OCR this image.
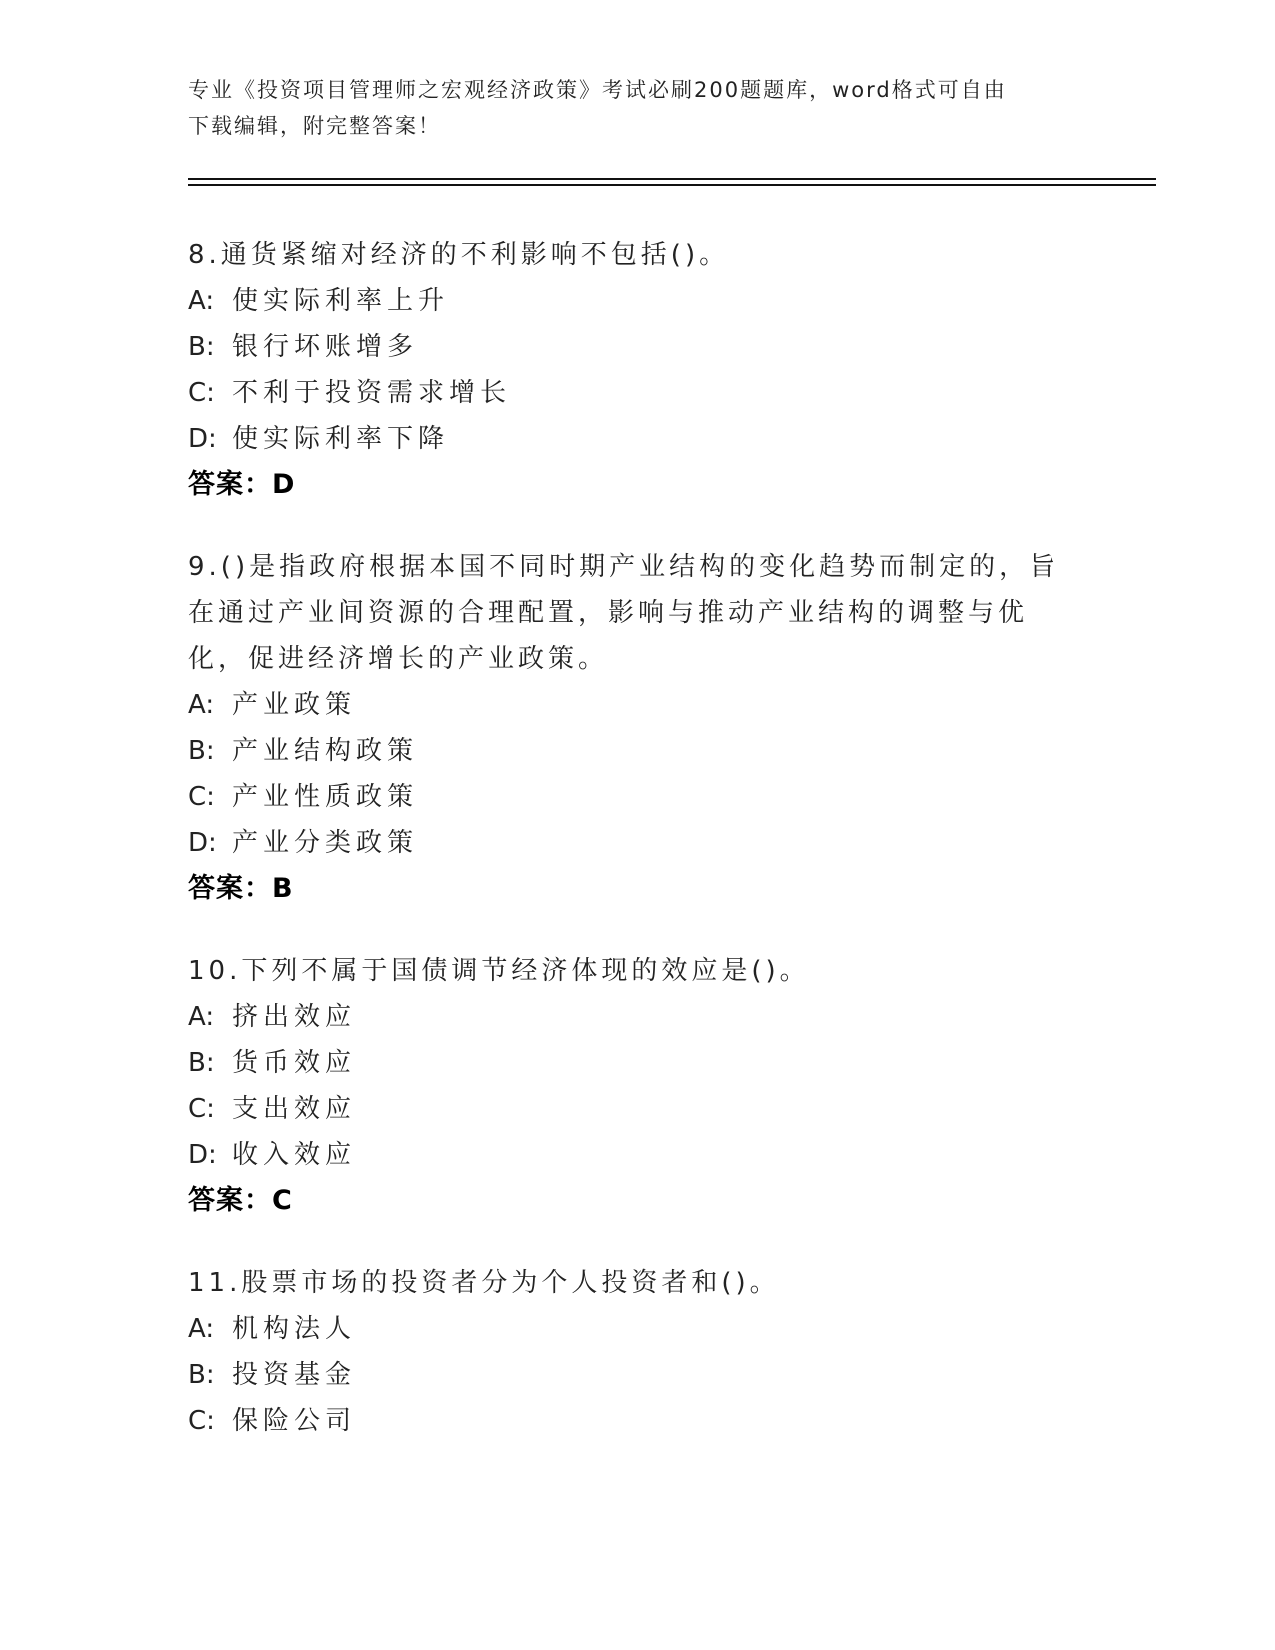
专业《投资项目管理师之宏观经济政策》考试必刷200题题库，word格式可自由
下载编辑，附完整答案！

8.通货紧缩对经济的不利影响不包括()。

A: 使实际利率上升

B: 银行坏账增多

C: 不利于投资需求增长

D: 使实际利率下降

答案：D

9.()是指政府根据本国不同时期产业结构的变化趋势而制定的，旨在通过产业间资源的合理配置，影响与推动产业结构的调整与优化，促进经济增长的产业政策。

A: 产业政策

B: 产业结构政策

C: 产业性质政策

D: 产业分类政策

答案：B

10.下列不属于国债调节经济体现的效应是()。

A: 挤出效应

B: 货币效应

C: 支出效应

D: 收入效应

答案：C

11.股票市场的投资者分为个人投资者和()。

A: 机构法人

B: 投资基金

C: 保险公司
